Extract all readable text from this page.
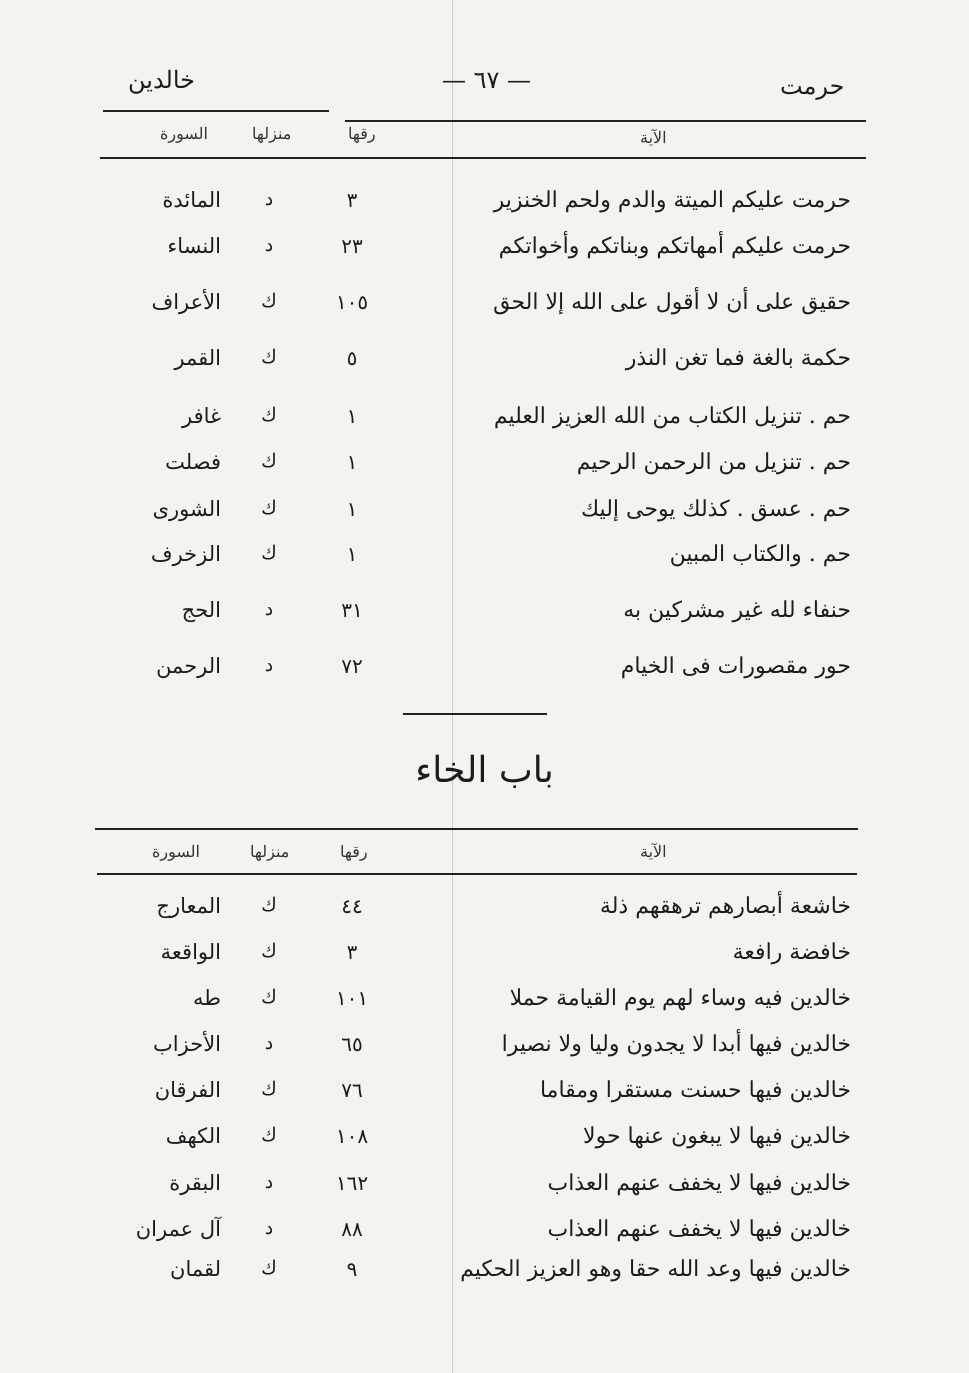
حرمت
— ٦٧ —
خالدين
الآية
رقها
منزلها
السورة
حرمت عليكم الميتة والدم ولحم الخنزير
٣
د
المائدة
حرمت عليكم أمهاتكم وبناتكم وأخواتكم
٢٣
د
النساء
حقيق على أن لا أقول على الله إلا الحق
١٠٥
ك
الأعراف
حكمة بالغة فما تغن النذر
٥
ك
القمر
حم . تنزيل الكتاب من الله العزيز العليم
١
ك
غافر
حم . تنزيل من الرحمن الرحيم
١
ك
فصلت
حم . عسق . كذلك يوحى إليك
١
ك
الشورى
حم . والكتاب المبين
١
ك
الزخرف
حنفاء لله غير مشركين به
٣١
د
الحج
حور مقصورات فى الخيام
٧٢
د
الرحمن
باب الخاء
الآية
رقها
منزلها
السورة
خاشعة أبصارهم ترهقهم ذلة
٤٤
ك
المعارج
خافضة رافعة
٣
ك
الواقعة
خالدين فيه وساء لهم يوم القيامة حملا
١٠١
ك
طه
خالدين فيها أبدا لا يجدون وليا ولا نصيرا
٦٥
د
الأحزاب
خالدين فيها حسنت مستقرا ومقاما
٧٦
ك
الفرقان
خالدين فيها لا يبغون عنها حولا
١٠٨
ك
الكهف
خالدين فيها لا يخفف عنهم العذاب
١٦٢
د
البقرة
خالدين فيها لا يخفف عنهم العذاب
٨٨
د
آل عمران
خالدين فيها وعد الله حقا وهو العزيز الحكيم
٩
ك
لقمان
